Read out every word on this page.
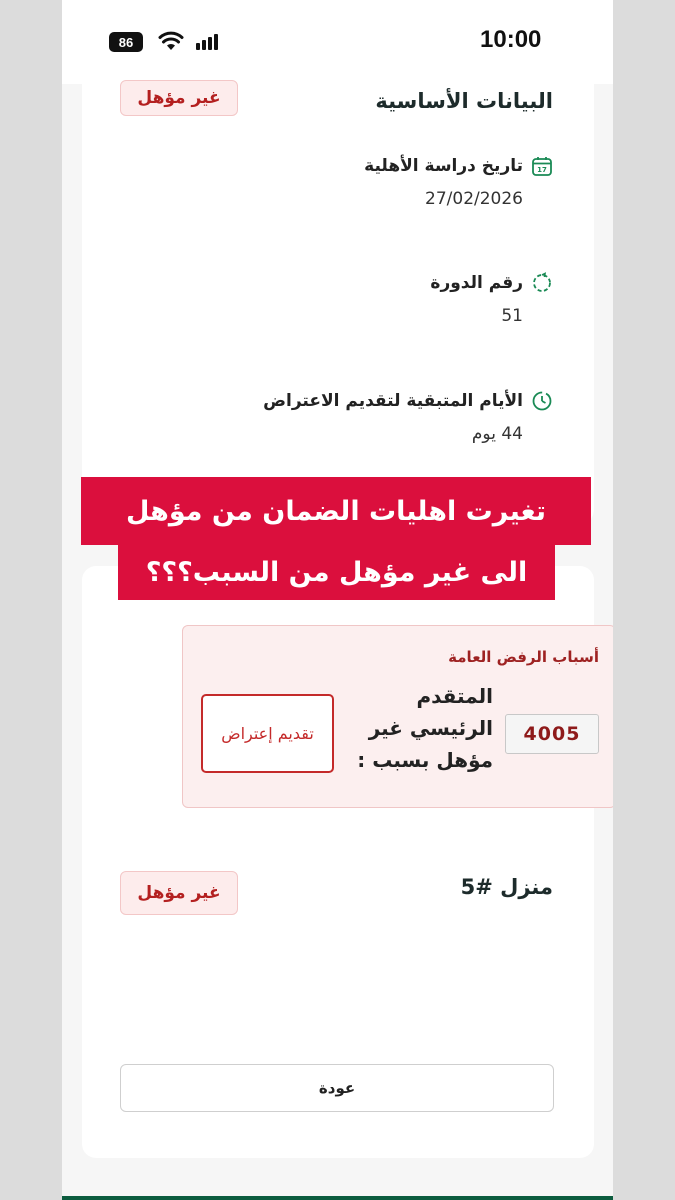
86	10:00
البيانات الأساسية
غير مؤهل
17
تاريخ دراسة الأهلية
27/02/2026
رقم الدورة
51
الأيام المتبقية لتقديم الاعتراض
44 يوم
أسباب الرفض العامة
4005
المتقدم الرئيسي غير مؤهل بسبب :
تقديم إعتراض
منزل #5
غير مؤهل
عودة
تغيرت اهليات الضمان من مؤهل
الى غير مؤهل من السبب؟؟؟
